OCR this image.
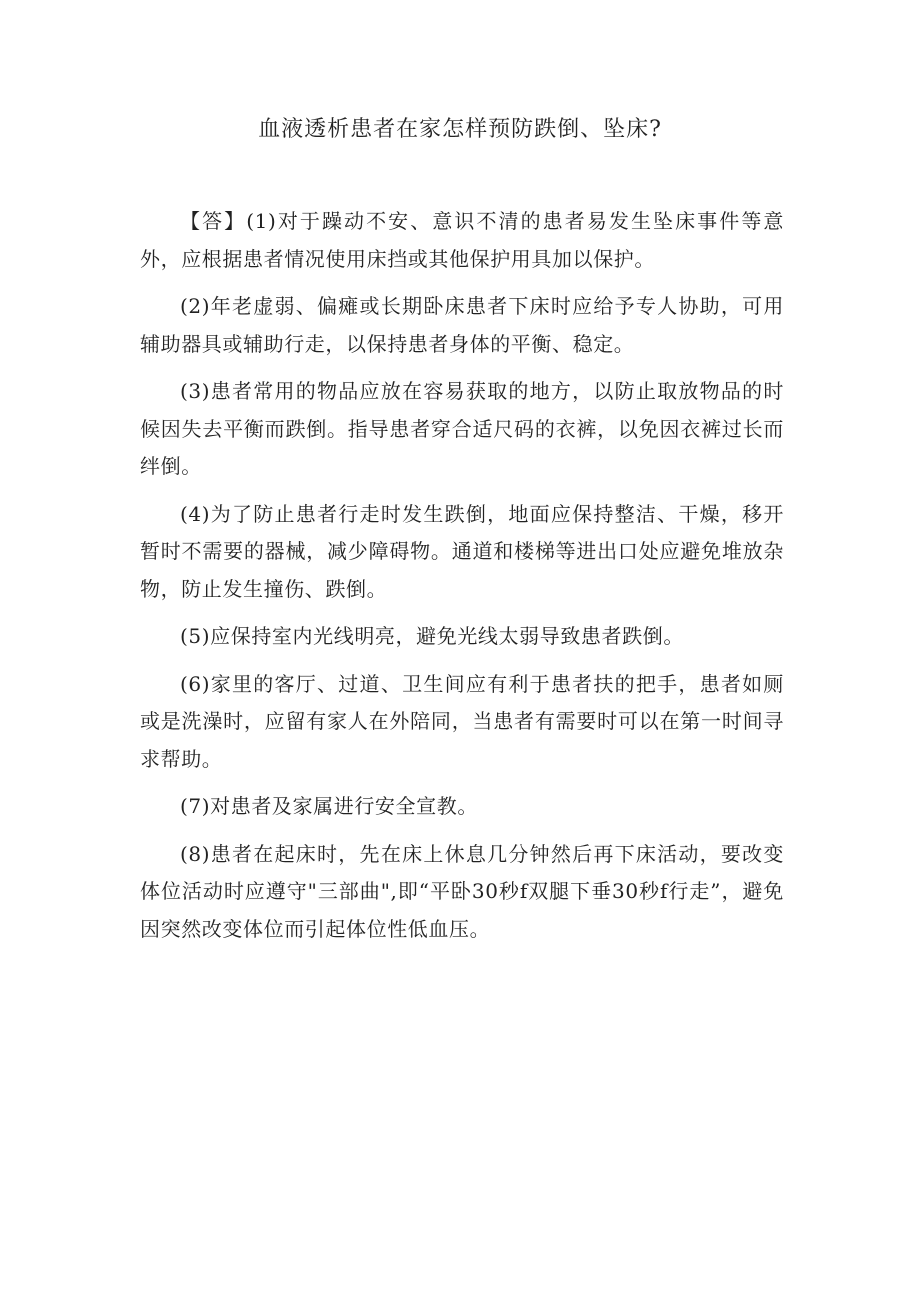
血液透析患者在家怎样预防跌倒、坠床?

【答】(1)对于躁动不安、意识不清的患者易发生坠床事件等意外，应根据患者情况使用床挡或其他保护用具加以保护。

(2)年老虚弱、偏瘫或长期卧床患者下床时应给予专人协助，可用辅助器具或辅助行走，以保持患者身体的平衡、稳定。

(3)患者常用的物品应放在容易获取的地方，以防止取放物品的时候因失去平衡而跌倒。指导患者穿合适尺码的衣裤，以免因衣裤过长而绊倒。

(4)为了防止患者行走时发生跌倒，地面应保持整洁、干燥，移开暂时不需要的器械，减少障碍物。通道和楼梯等进出口处应避免堆放杂物，防止发生撞伤、跌倒。

(5)应保持室内光线明亮，避免光线太弱导致患者跌倒。

(6)家里的客厅、过道、卫生间应有利于患者扶的把手，患者如厕或是洗澡时，应留有家人在外陪同，当患者有需要时可以在第一时间寻求帮助。

(7)对患者及家属进行安全宣教。

(8)患者在起床时，先在床上休息几分钟然后再下床活动，要改变体位活动时应遵守"三部曲",即“平卧30秒f双腿下垂30秒f行走”，避免因突然改变体位而引起体位性低血压。
